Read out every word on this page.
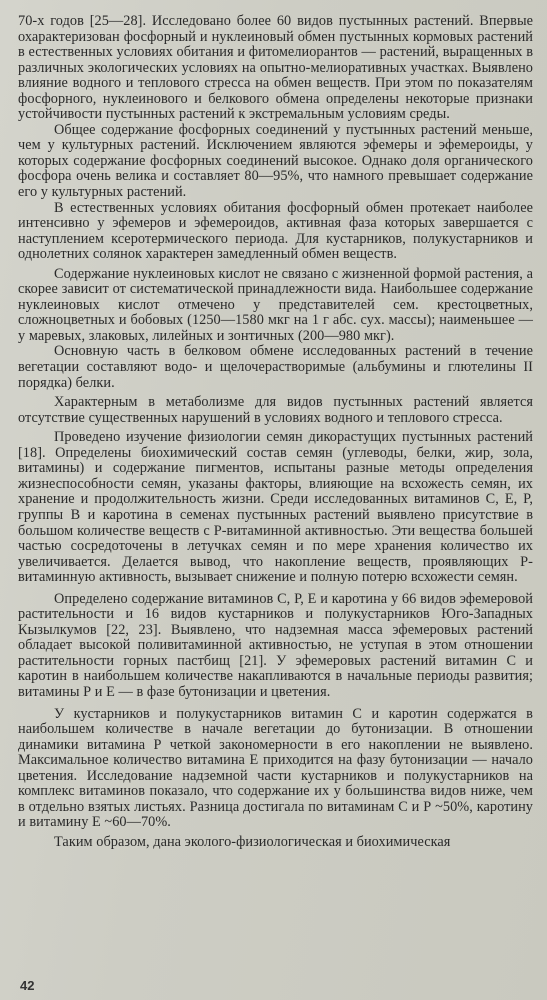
70-х годов [25—28]. Исследовано более 60 видов пустынных растений. Впервые охарактеризован фосфорный и нуклеиновый обмен пустынных кормовых растений в естественных условиях обитания и фитомелиорантов — растений, выращенных в различных экологических условиях на опытно-мелиоративных участках. Выявлено влияние водного и теплового стресса на обмен веществ. При этом по показателям фосфорного, нуклеинового и белкового обмена определены некоторые признаки устойчивости пустынных растений к экстремальным условиям среды.

Общее содержание фосфорных соединений у пустынных растений меньше, чем у культурных растений. Исключением являются эфемеры и эфемероиды, у которых содержание фосфорных соединений высокое. Однако доля органического фосфора очень велика и составляет 80—95%, что намного превышает содержание его у культурных растений.

В естественных условиях обитания фосфорный обмен протекает наиболее интенсивно у эфемеров и эфемероидов, активная фаза которых завершается с наступлением ксеротермического периода. Для кустарников, полукустарников и однолетних солянок характерен замедленный обмен веществ.

Содержание нуклеиновых кислот не связано с жизненной формой растения, а скорее зависит от систематической принадлежности вида. Наибольшее содержание нуклеиновых кислот отмечено у представителей сем. крестоцветных, сложноцветных и бобовых (1250—1580 мкг на 1 г абс. сух. массы); наименьшее — у маревых, злаковых, лилейных и зонтичных (200—980 мкг).

Основную часть в белковом обмене исследованных растений в течение вегетации составляют водо- и щелочерастворимые (альбумины и глютелины II порядка) белки.

Характерным в метаболизме для видов пустынных растений является отсутствие существенных нарушений в условиях водного и теплового стресса.

Проведено изучение физиологии семян дикорастущих пустынных растений [18]. Определены биохимический состав семян (углеводы, белки, жир, зола, витамины) и содержание пигментов, испытаны разные методы определения жизнеспособности семян, указаны факторы, влияющие на всхожесть семян, их хранение и продолжительность жизни. Среди исследованных витаминов С, Е, Р, группы В и каротина в семенах пустынных растений выявлено присутствие в большом количестве веществ с Р-витаминной активностью. Эти вещества большей частью сосредоточены в летучках семян и по мере хранения количество их увеличивается. Делается вывод, что накопление веществ, проявляющих Р-витаминную активность, вызывает снижение и полную потерю всхожести семян.

Определено содержание витаминов С, Р, Е и каротина у 66 видов эфемеровой растительности и 16 видов кустарников и полукустарников Юго-Западных Кызылкумов [22, 23]. Выявлено, что надземная масса эфемеровых растений обладает высокой поливитаминной активностью, не уступая в этом отношении растительности горных пастбищ [21]. У эфемеровых растений витамин С и каротин в наибольшем количестве накапливаются в начальные периоды развития; витамины Р и Е — в фазе бутонизации и цветения.

У кустарников и полукустарников витамин С и каротин содержатся в наибольшем количестве в начале вегетации до бутонизации. В отношении динамики витамина Р четкой закономерности в его накоплении не выявлено. Максимальное количество витамина Е приходится на фазу бутонизации — начало цветения. Исследование надземной части кустарников и полукустарников на комплекс витаминов показало, что содержание их у большинства видов ниже, чем в отдельно взятых листьях. Разница достигала по витаминам С и Р ~50%, каротину и витамину Е ~60—70%.

Таким образом, дана эколого-физиологическая и биохимическая

42
